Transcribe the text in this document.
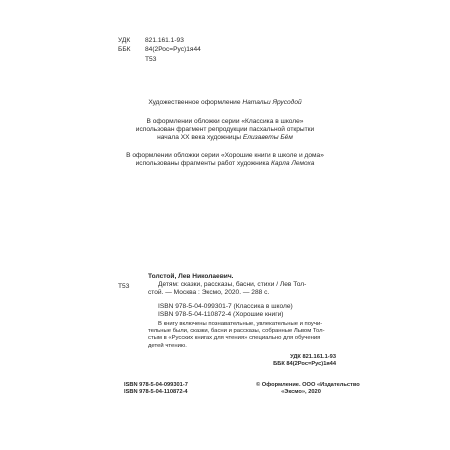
УДК 821.161.1-93
ББК 84(2Рос=Рус)1я44
Т53
Художественное оформление Натальи Ярусодой
В оформлении обложки серии «Классика в школе»
использован фрагмент репродукции пасхальной открытки
начала XX века художницы Елизаветы Бём
В оформлении обложки серии «Хорошие книги в школе и дома»
использованы фрагменты работ художника Карла Лемоха
Т53
Толстой, Лев Николаевич.
Детям: сказки, рассказы, басни, стихи / Лев Тол-
стой. — Москва : Эксмо, 2020. — 288 с.
ISBN 978-5-04-099301-7 (Классика в школе)
ISBN 978-5-04-110872-4 (Хорошие книги)
В книгу включены познавательные, увлекательные и поучи-
тельные были, сказки, басни и рассказы, собранные Львом Тол-
стым в «Русских книгах для чтения» специально для обучения
детей чтению.
УДК 821.161.1-93
ББК 84(2Рос=Рус)1я44
ISBN 978-5-04-099301-7
ISBN 978-5-04-110872-4
© Оформление. ООО «Издательство
«Эксмо», 2020
